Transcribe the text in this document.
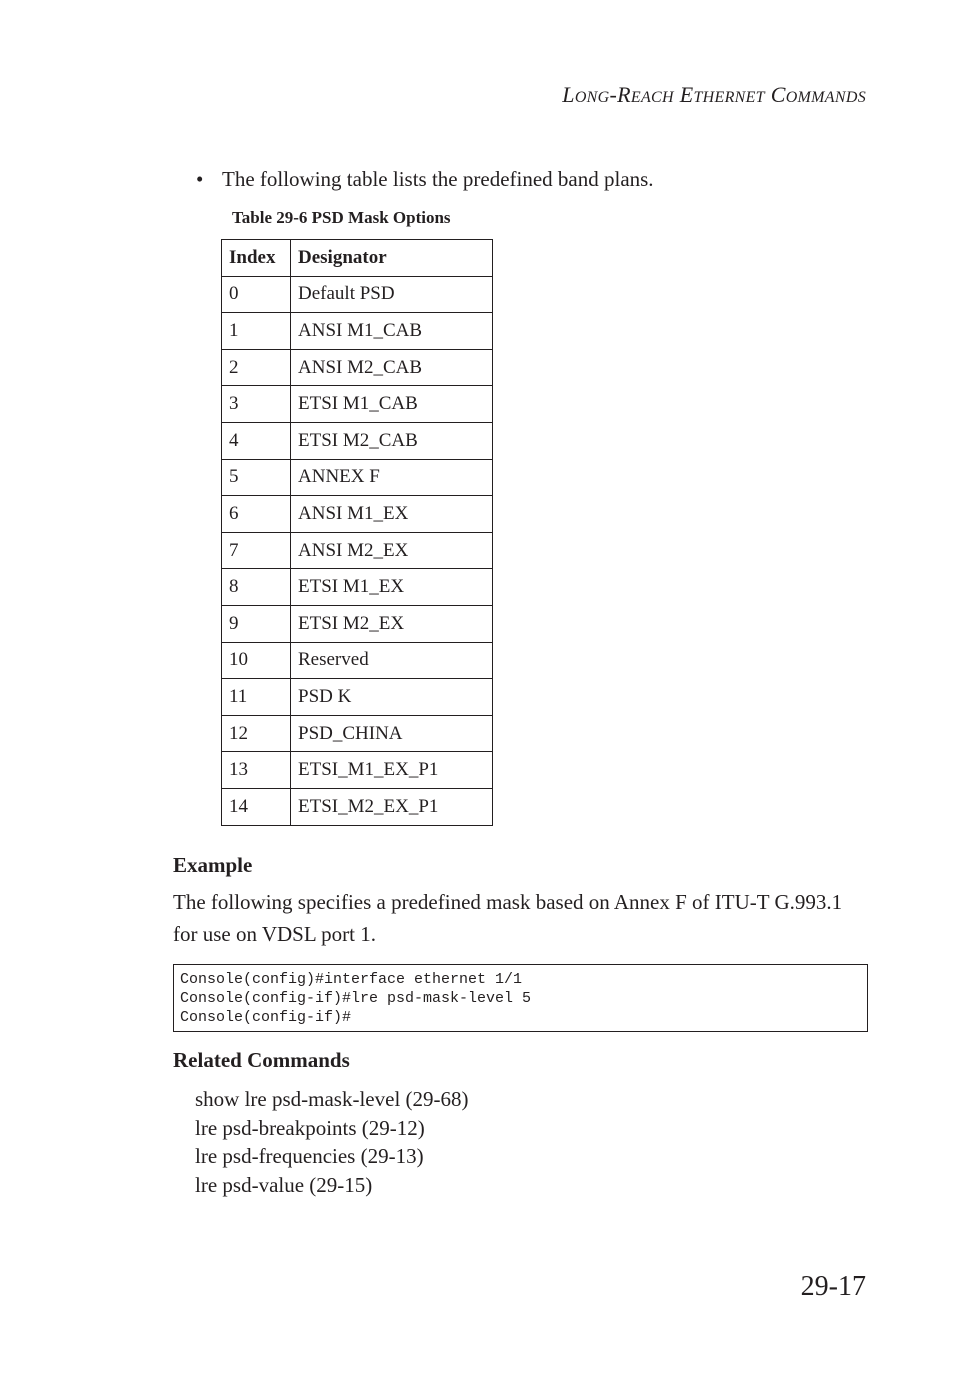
LONG-REACH ETHERNET COMMANDS
• The following table lists the predefined band plans.
Table 29-6 PSD Mask Options
Index	Designator
0	Default PSD
1	ANSI M1_CAB
2	ANSI M2_CAB
3	ETSI M1_CAB
4	ETSI M2_CAB
5	ANNEX F
6	ANSI M1_EX
7	ANSI M2_EX
8	ETSI M1_EX
9	ETSI M2_EX
10	Reserved
11	PSD K
12	PSD_CHINA
13	ETSI_M1_EX_P1
14	ETSI_M2_EX_P1
Example
The following specifies a predefined mask based on Annex F of ITU-T G.993.1 for use on VDSL port 1.
Console(config)#interface ethernet 1/1
Console(config-if)#lre psd-mask-level 5
Console(config-if)#
Related Commands
show lre psd-mask-level (29-68)
lre psd-breakpoints (29-12)
lre psd-frequencies (29-13)
lre psd-value (29-15)
29-17
